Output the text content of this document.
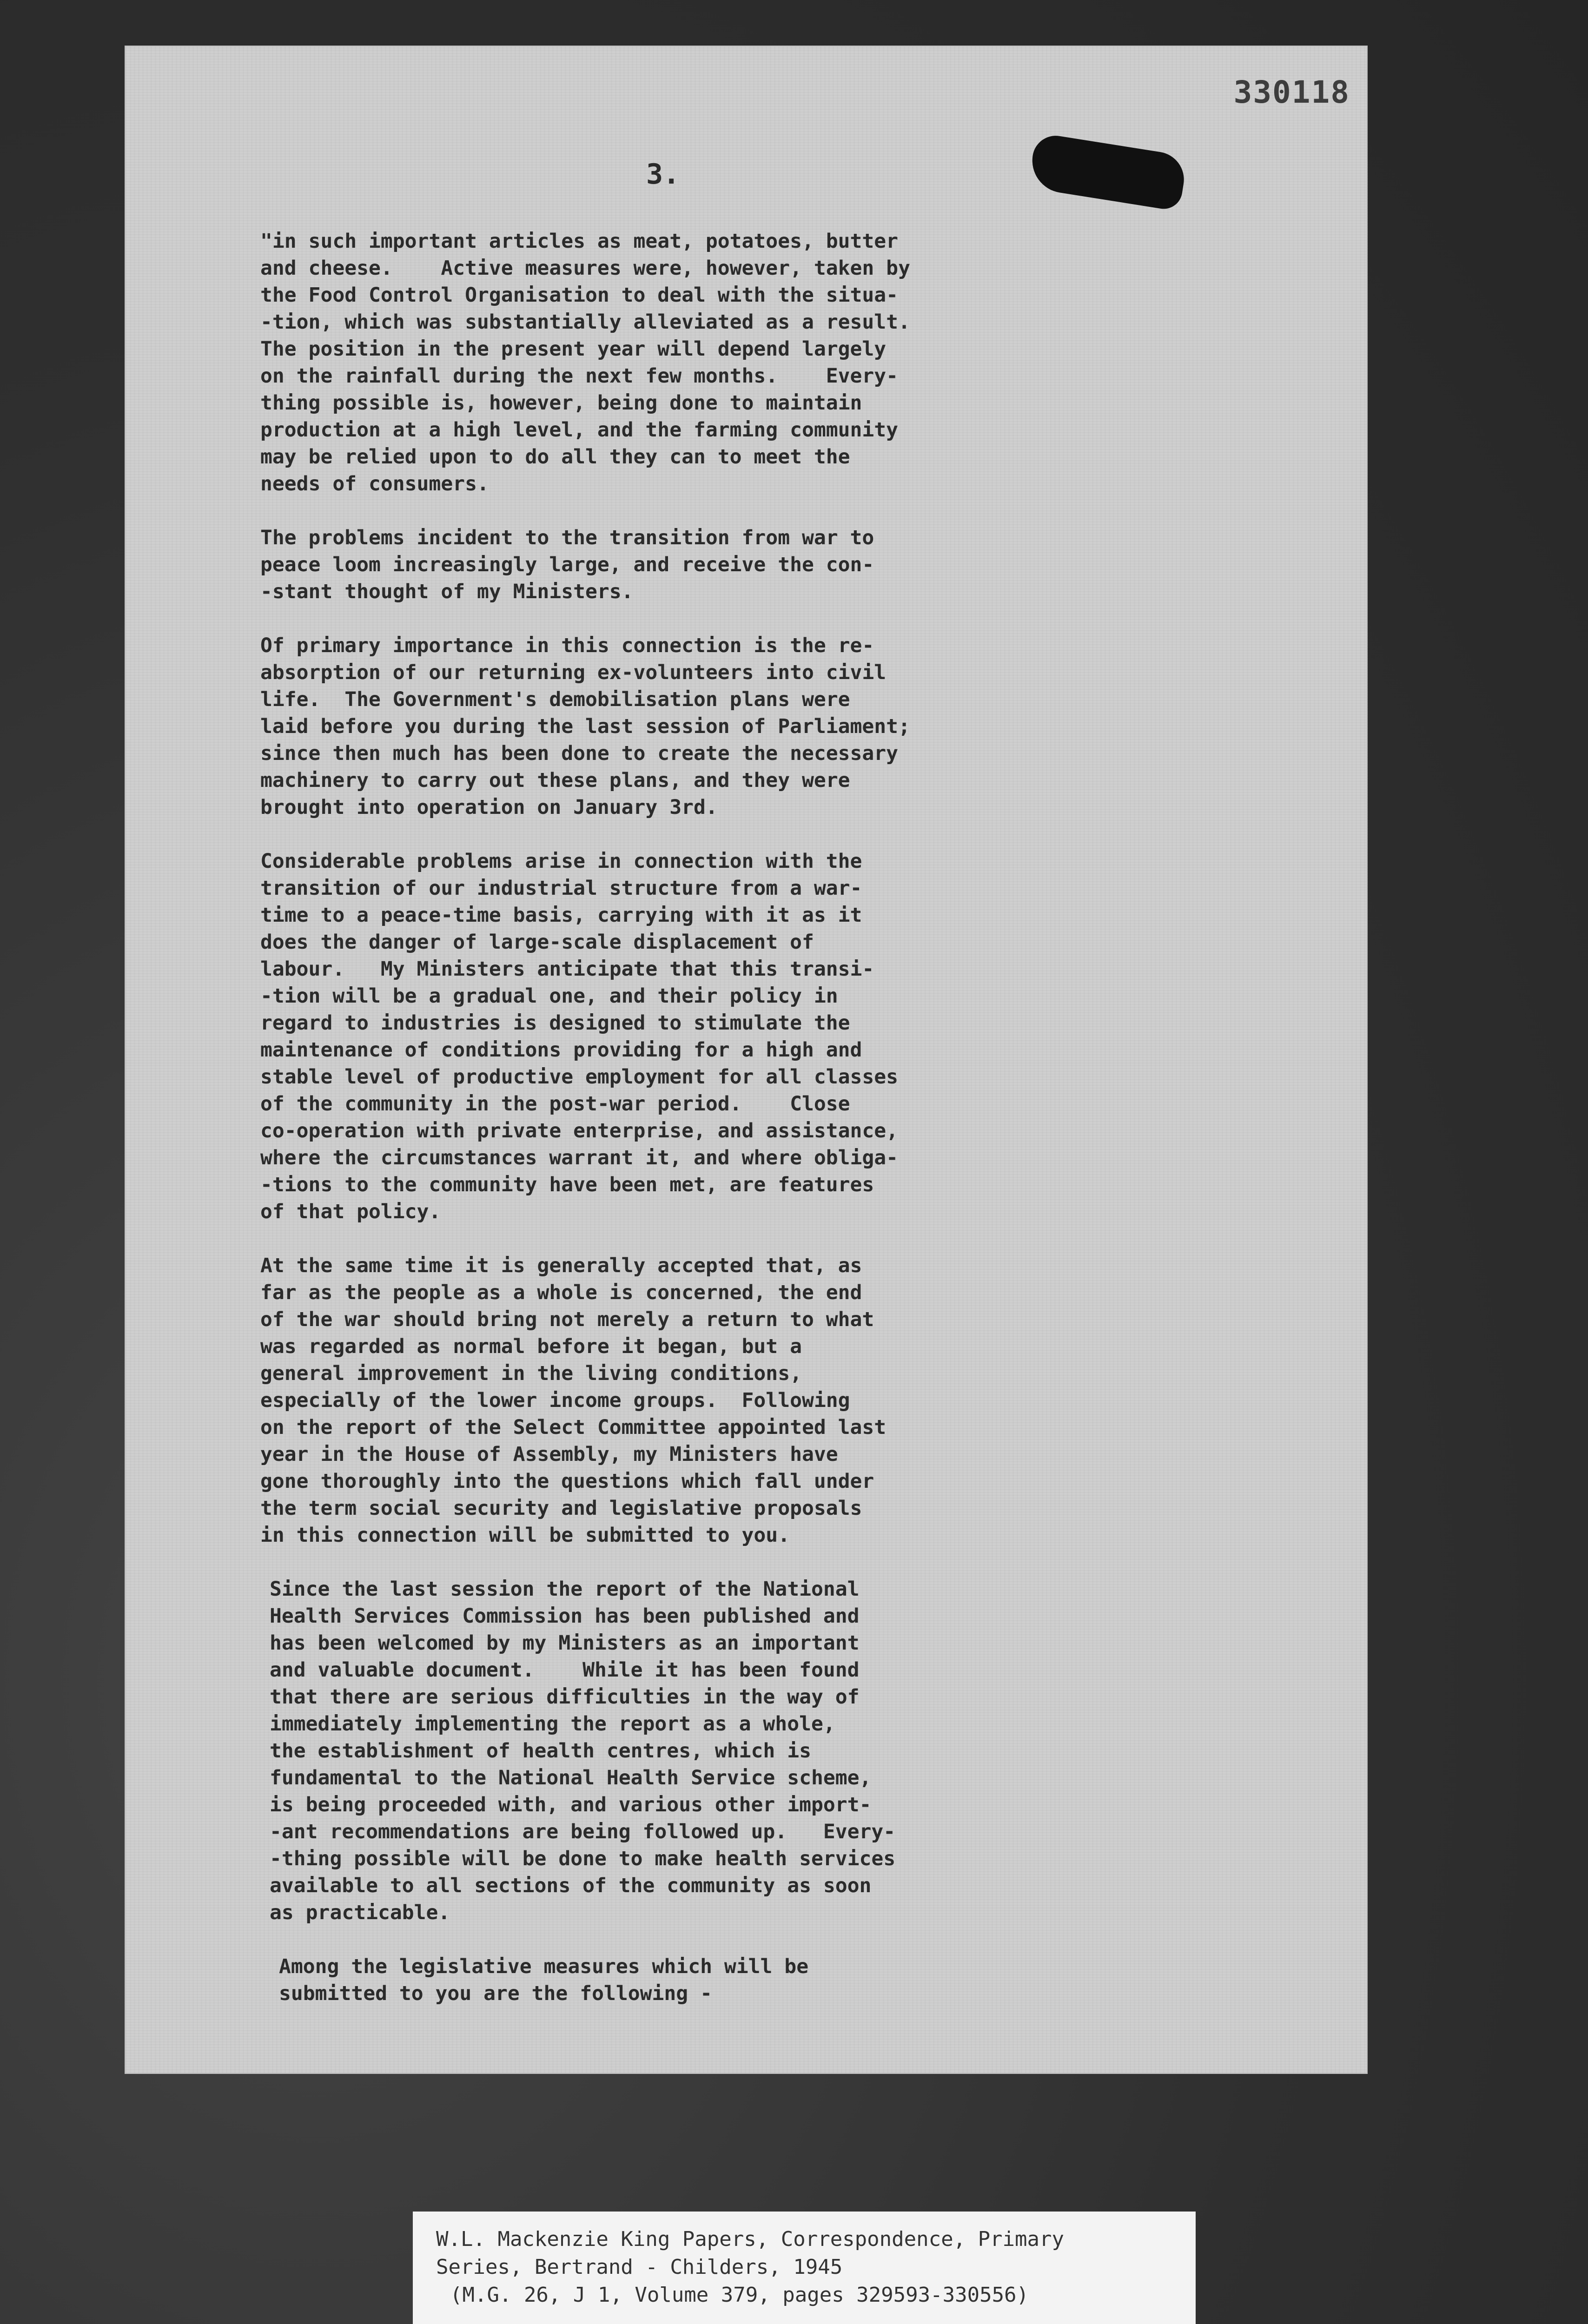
330118
3.
"in such important articles as meat, potatoes, butter
and cheese.    Active measures were, however, taken by
the Food Control Organisation to deal with the situa-
-tion, which was substantially alleviated as a result.
The position in the present year will depend largely
on the rainfall during the next few months.    Every-
thing possible is, however, being done to maintain
production at a high level, and the farming community
may be relied upon to do all they can to meet the
needs of consumers.
The problems incident to the transition from war to
peace loom increasingly large, and receive the con-
-stant thought of my Ministers.
Of primary importance in this connection is the re-
absorption of our returning ex-volunteers into civil
life.  The Government's demobilisation plans were
laid before you during the last session of Parliament;
since then much has been done to create the necessary
machinery to carry out these plans, and they were
brought into operation on January 3rd.
Considerable problems arise in connection with the
transition of our industrial structure from a war-
time to a peace-time basis, carrying with it as it
does the danger of large-scale displacement of
labour.   My Ministers anticipate that this transi-
-tion will be a gradual one, and their policy in
regard to industries is designed to stimulate the
maintenance of conditions providing for a high and
stable level of productive employment for all classes
of the community in the post-war period.    Close
co-operation with private enterprise, and assistance,
where the circumstances warrant it, and where obliga-
-tions to the community have been met, are features
of that policy.
At the same time it is generally accepted that, as
far as the people as a whole is concerned, the end
of the war should bring not merely a return to what
was regarded as normal before it began, but a
general improvement in the living conditions,
especially of the lower income groups.  Following
on the report of the Select Committee appointed last
year in the House of Assembly, my Ministers have
gone thoroughly into the questions which fall under
the term social security and legislative proposals
in this connection will be submitted to you.
Since the last session the report of the National
Health Services Commission has been published and
has been welcomed by my Ministers as an important
and valuable document.    While it has been found
that there are serious difficulties in the way of
immediately implementing the report as a whole,
the establishment of health centres, which is
fundamental to the National Health Service scheme,
is being proceeded with, and various other import-
-ant recommendations are being followed up.   Every-
-thing possible will be done to make health services
available to all sections of the community as soon
as practicable.
Among the legislative measures which will be
submitted to you are the following -
W.L. Mackenzie King Papers, Correspondence, Primary
Series, Bertrand - Childers, 1945
(M.G. 26, J 1, Volume 379, pages 329593-330556)
